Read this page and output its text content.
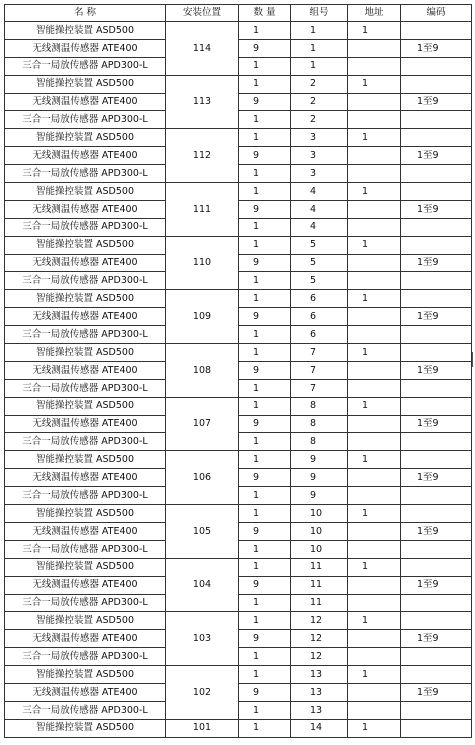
名 称	安装位置	数 量	组号	地址	编码
智能操控装置 ASD500	114	1	1	1	
无线测温传感器 ATE400		9	1		1至9
三合一局放传感器 APD300-L		1	1		
智能操控装置 ASD500	113	1	2	1	
无线测温传感器 ATE400		9	2		1至9
三合一局放传感器 APD300-L		1	2		
智能操控装置 ASD500	112	1	3	1	
无线测温传感器 ATE400		9	3		1至9
三合一局放传感器 APD300-L		1	3		
智能操控装置 ASD500	111	1	4	1	
无线测温传感器 ATE400		9	4		1至9
三合一局放传感器 APD300-L		1	4		
智能操控装置 ASD500	110	1	5	1	
无线测温传感器 ATE400		9	5		1至9
三合一局放传感器 APD300-L		1	5		
智能操控装置 ASD500	109	1	6	1	
无线测温传感器 ATE400		9	6		1至9
三合一局放传感器 APD300-L		1	6		
智能操控装置 ASD500	108	1	7	1	
无线测温传感器 ATE400		9	7		1至9
三合一局放传感器 APD300-L		1	7		
智能操控装置 ASD500	107	1	8	1	
无线测温传感器 ATE400		9	8		1至9
三合一局放传感器 APD300-L		1	8		
智能操控装置 ASD500	106	1	9	1	
无线测温传感器 ATE400		9	9		1至9
三合一局放传感器 APD300-L		1	9		
智能操控装置 ASD500	105	1	10	1	
无线测温传感器 ATE400		9	10		1至9
三合一局放传感器 APD300-L		1	10		
智能操控装置 ASD500	104	1	11	1	
无线测温传感器 ATE400		9	11		1至9
三合一局放传感器 APD300-L		1	11		
智能操控装置 ASD500	103	1	12	1	
无线测温传感器 ATE400		9	12		1至9
三合一局放传感器 APD300-L		1	12		
智能操控装置 ASD500	102	1	13	1	
无线测温传感器 ATE400		9	13		1至9
三合一局放传感器 APD300-L		1	13		
智能操控装置 ASD500	101	1	14	1	
